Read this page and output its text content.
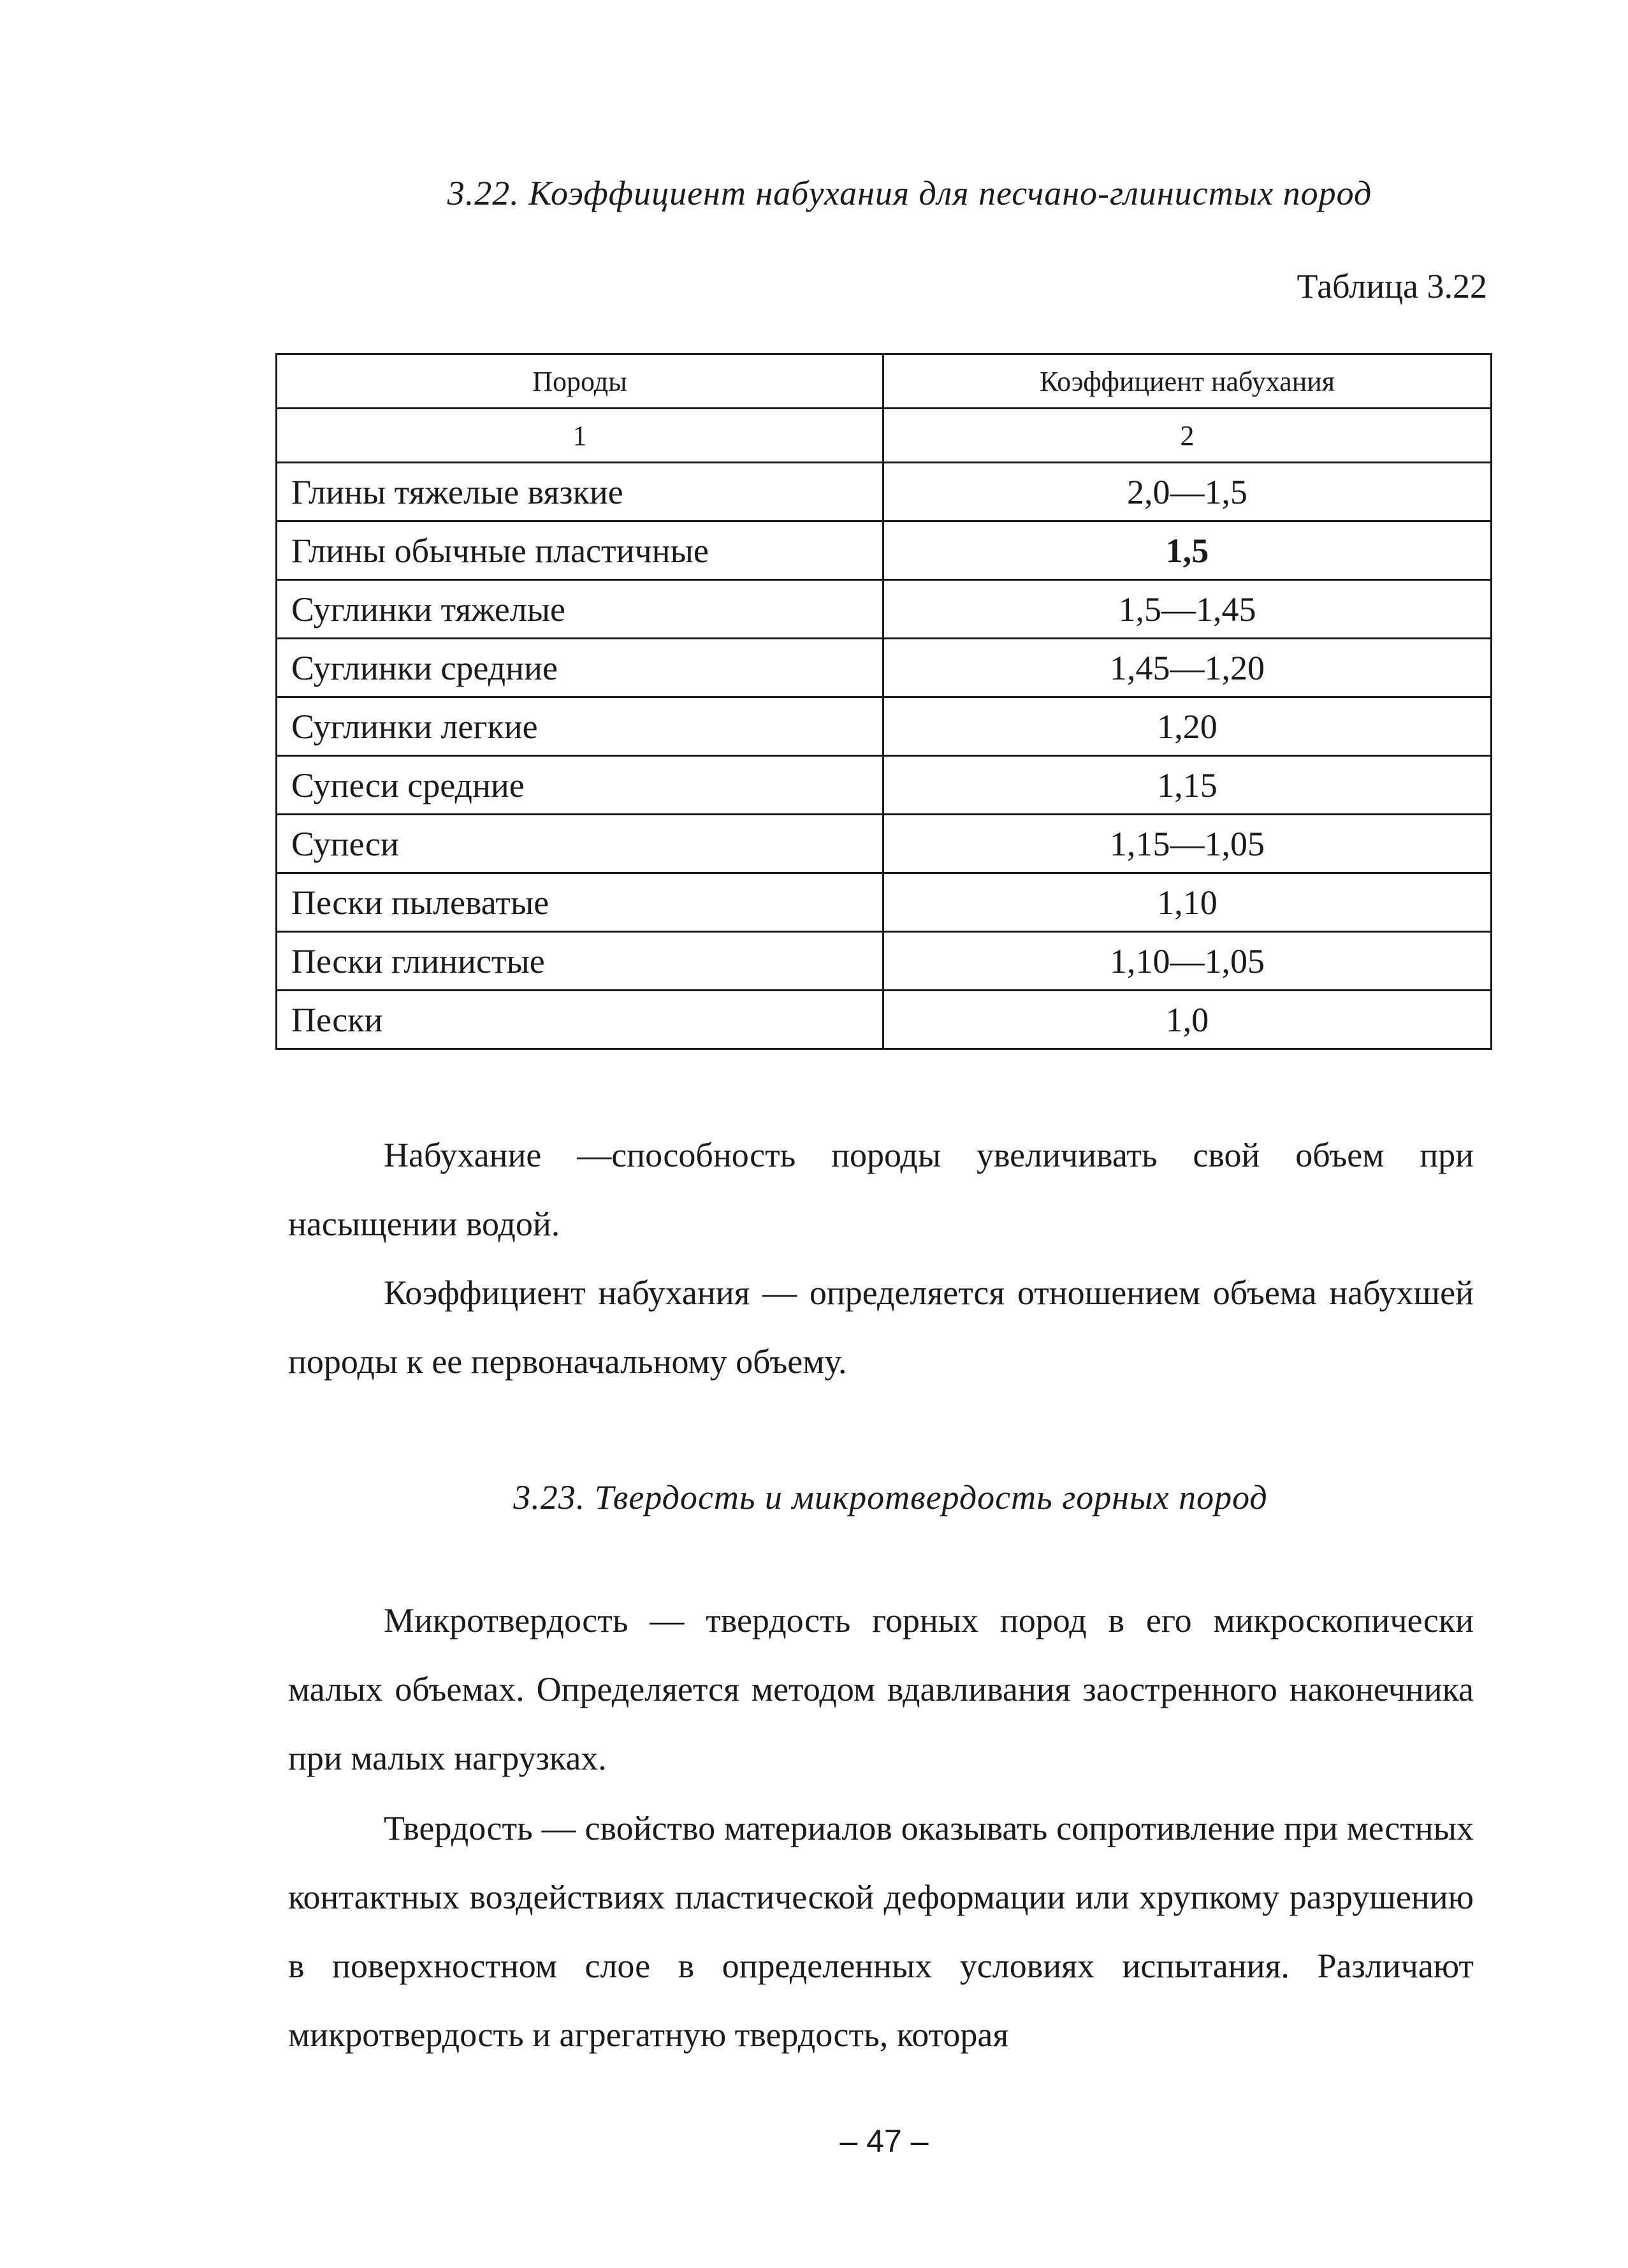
3.22. Коэффициент набухания для песчано-глинистых пород
Таблица 3.22
Породы	Коэффициент набухания
1	2
Глины тяжелые вязкие	2,0—1,5
Глины обычные пластичные	1,5
Суглинки тяжелые	1,5—1,45
Суглинки средние	1,45—1,20
Суглинки легкие	1,20
Супеси средние	1,15
Супеси	1,15—1,05
Пески пылеватые	1,10
Пески глинистые	1,10—1,05
Пески	1,0

Набухание —способность породы увеличивать свой объем при насыщении водой.

Коэффициент набухания — определяется отношением объема набухшей породы к ее первоначальному объему.

3.23. Твердость и микротвердость горных пород

Микротвердость — твердость горных пород в его микроскопически малых объемах. Определяется методом вдавливания заостренного наконечника при малых нагрузках.

Твердость — свойство материалов оказывать сопротивление при местных контактных воздействиях пластической деформации или хрупкому разрушению в поверхностном слое в определенных условиях испытания. Различают микротвердость и агрегатную твердость, которая

– 47 –
